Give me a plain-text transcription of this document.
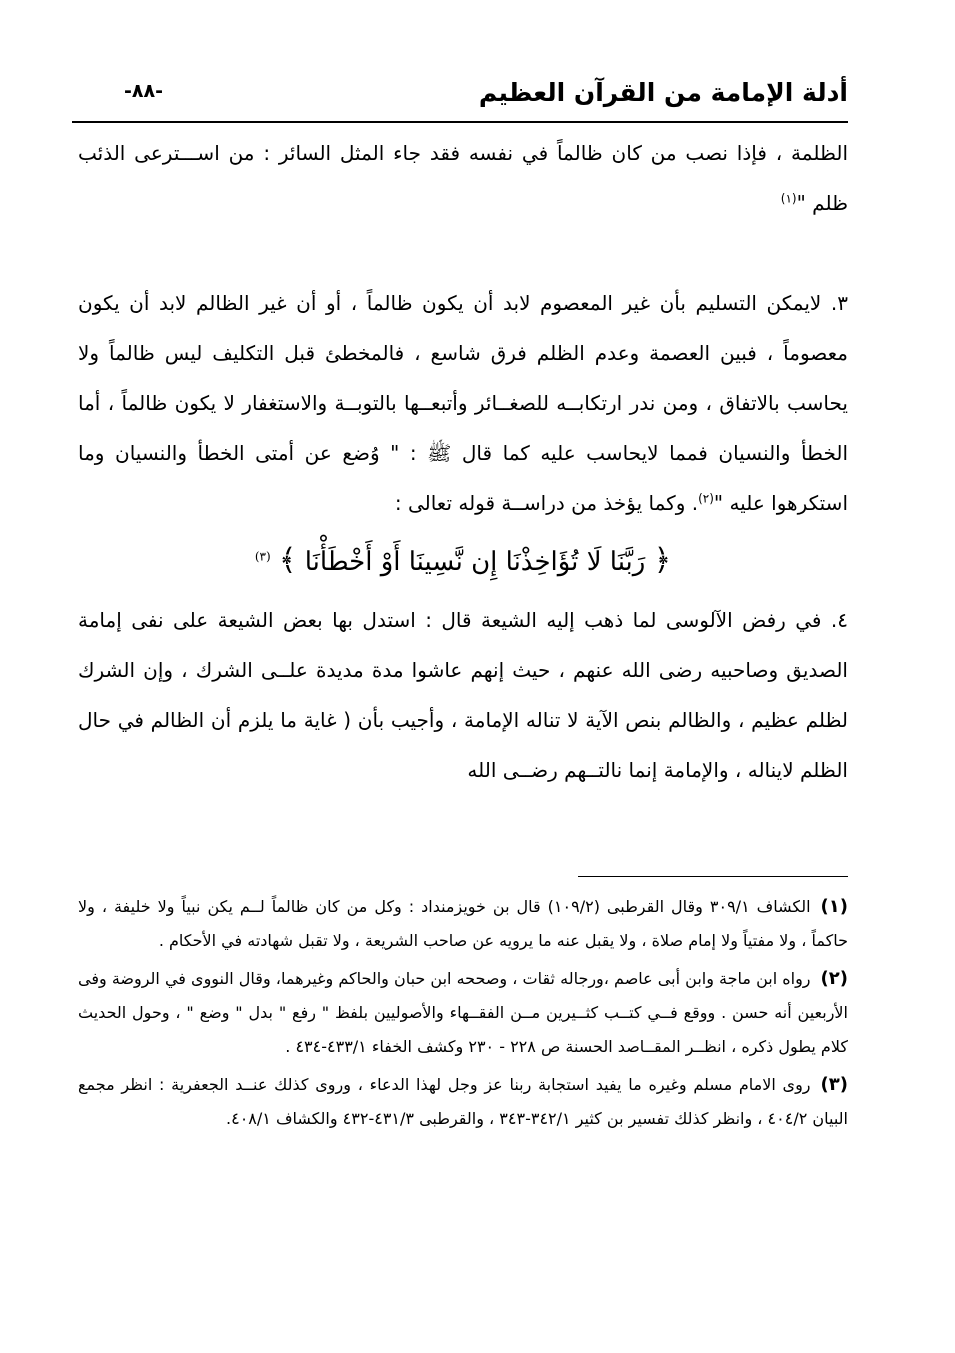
أدلة الإمامة من القرآن العظيم
-٨٨-

الظلمة ، فإذا نصب من كان ظالماً في نفسه فقد جاء المثل السائر : من اســـترعى الذئب ظلم "$^{(١)}$

٣. لايمكن التسليم بأن غير المعصوم لابد أن يكون ظالماً ، أو أن غير الظالم لابد أن يكون معصوماً ، فبين العصمة وعدم الظلم فرق شاسع ، فالمخطئ قبل التكليف ليس ظالماً ولا يحاسب بالاتفاق ، ومن ندر ارتكابــه للصغــائر وأتبعــها بالتوبــة والاستغفار لا يكون ظالماً ، أما الخطأ والنسيان فمما لايحاسب عليه كما قال ﷺ : " وُضع عن أمتى الخطأ والنسيان وما استكرهوا عليه "$^{(٢)}$. وكما يؤخذ من دراســة قوله تعالى :

﴿ رَبَّنَا لَا تُؤَاخِذْنَا إِن نَّسِينَا أَوْ أَخْطَأْنَا ﴾ $^{(٣)}$

٤. في رفض الآلوسى لما ذهب إليه الشيعة قال : استدل بها بعض الشيعة على نفى إمامة الصديق وصاحبيه رضى الله عنهم ، حيث إنهم عاشوا مدة مديدة علــى الشرك ، وإن الشرك لظلم عظيم ، والظالم بنص الآية لا تناله الإمامة ، وأجيب بأن ( غاية ما يلزم أن الظالم في حال الظلم لايناله ، والإمامة إنما نالتــهم رضــى الله

(١)الكشاف ٣٠٩/١ وقال القرطبى (١٠٩/٢) قال بن خويزمنداد : وكل من كان ظالماً لــم يكن نبياً ولا خليفة ، ولا حاكماً ، ولا مفتياً ولا إمام صلاة ، ولا يقبل عنه ما يرويه عن صاحب الشريعة ، ولا تقبل شهادته في الأحكام .

(٢)رواه ابن ماجة وابن أبى عاصم ،ورجاله ثقات ، وصححه ابن حبان والحاكم وغيرهما، وقال النووى في الروضة وفى الأربعين أنه حسن . ووقع فــي كتــب كثــيرين مــن الفقــهاء والأصوليين بلفظ " رفع " بدل " وضع " ، وحول الحديث كلام يطول ذكره ، انظــر المقــاصد الحسنة ص ٢٢٨ - ٢٣٠ وكشف الخفاء ٤٣٣/١-٤٣٤ .

(٣)روى الامام مسلم وغيره ما يفيد استجابة ربنا عز وجل لهذا الدعاء ، وروى كذلك عنــد الجعفرية : انظر مجمع البيان ٤٠٤/٢ ، وانظر كذلك تفسير بن كثير ٣٤٢/١-٣٤٣ ، والقرطبى ٤٣١/٣-٤٣٢ والكشاف ٤٠٨/١.
